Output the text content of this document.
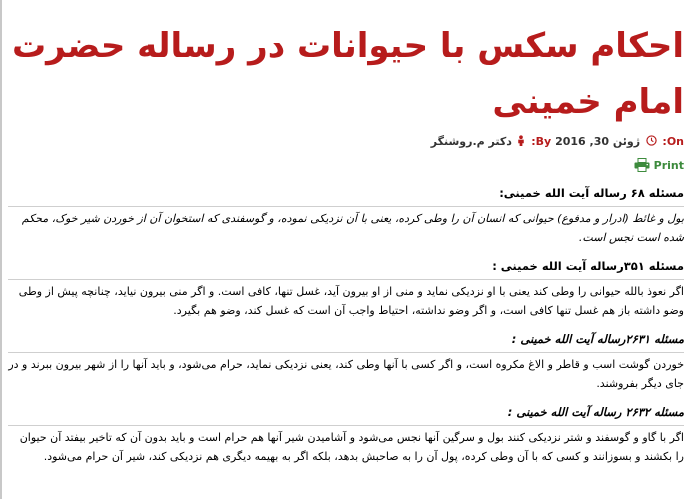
احکام سکس با حیوانات در رساله حضرت امام خمینی
On:  ژوئن 30, 2016 By:  دکتر م.روشنگر
Print
مسئله ۶۸ رساله آیت الله خمینی:
بول و غائط (ادرار و مدفوع) حیوانی که انسان آن را وطی کرده، یعنی با آن نزدیکی نموده، و گوسفندی که استخوان آن از خوردن شیر خوک، محکم شده است نجس است.
مسئله ۳۵۱رساله آیت الله خمینی :
اگر نعوذ بالله حیوانی را وطی کند یعنی با او نزدیکی نماید و منی از او بیرون آید، غسل تنها، کافی است. و اگر منی بیرون نیاید، چنانچه پیش از وطی وضو داشته باز هم غسل تنها کافی است، و اگر وضو نداشته، احتیاط واجب آن است که غسل کند، وضو هم بگیرد.
مسئله ۲۶۳۱رساله آیت الله خمینی :
خوردن گوشت اسب و قاطر و الاغ مکروه است، و اگر کسی با آنها وطی کند، یعنی نزدیکی نماید، حرام می‌شود، و باید آنها را از شهر بیرون ببرند و در جای دیگر بفروشند.
مسئله ۲۶۳۲ رساله آیت الله خمینی :
اگر با گاو و گوسفند و شتر نزدیکی کنند بول و سرگین آنها نجس می‌شود و آشامیدن شیر آنها هم حرام است و باید بدون آن که تاخیر بیفتد آن حیوان را بکشند و بسوزانند و کسی که با آن وطی کرده، پول آن را به صاحبش بدهد، بلکه اگر به بهیمه دیگری هم نزدیکی کند، شیر آن حرام می‌شود.
